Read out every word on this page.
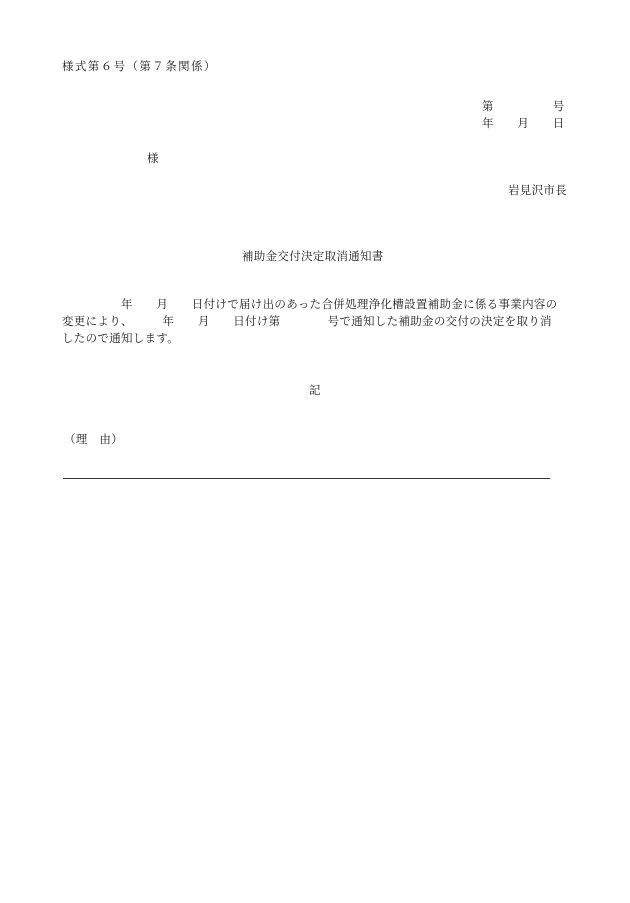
様式第６号（第７条関係）
第　　　　　号
年　　月　　日
様
岩見沢市長
補助金交付決定取消通知書
　　　　　年　　月　　日付けで届け出のあった合併処理浄化槽設置補助金に係る事業内容の
変更により、　　　年　　月　　日付け第　　　　号で通知した補助金の交付の決定を取り消
したので通知します。
記
（理　由）
